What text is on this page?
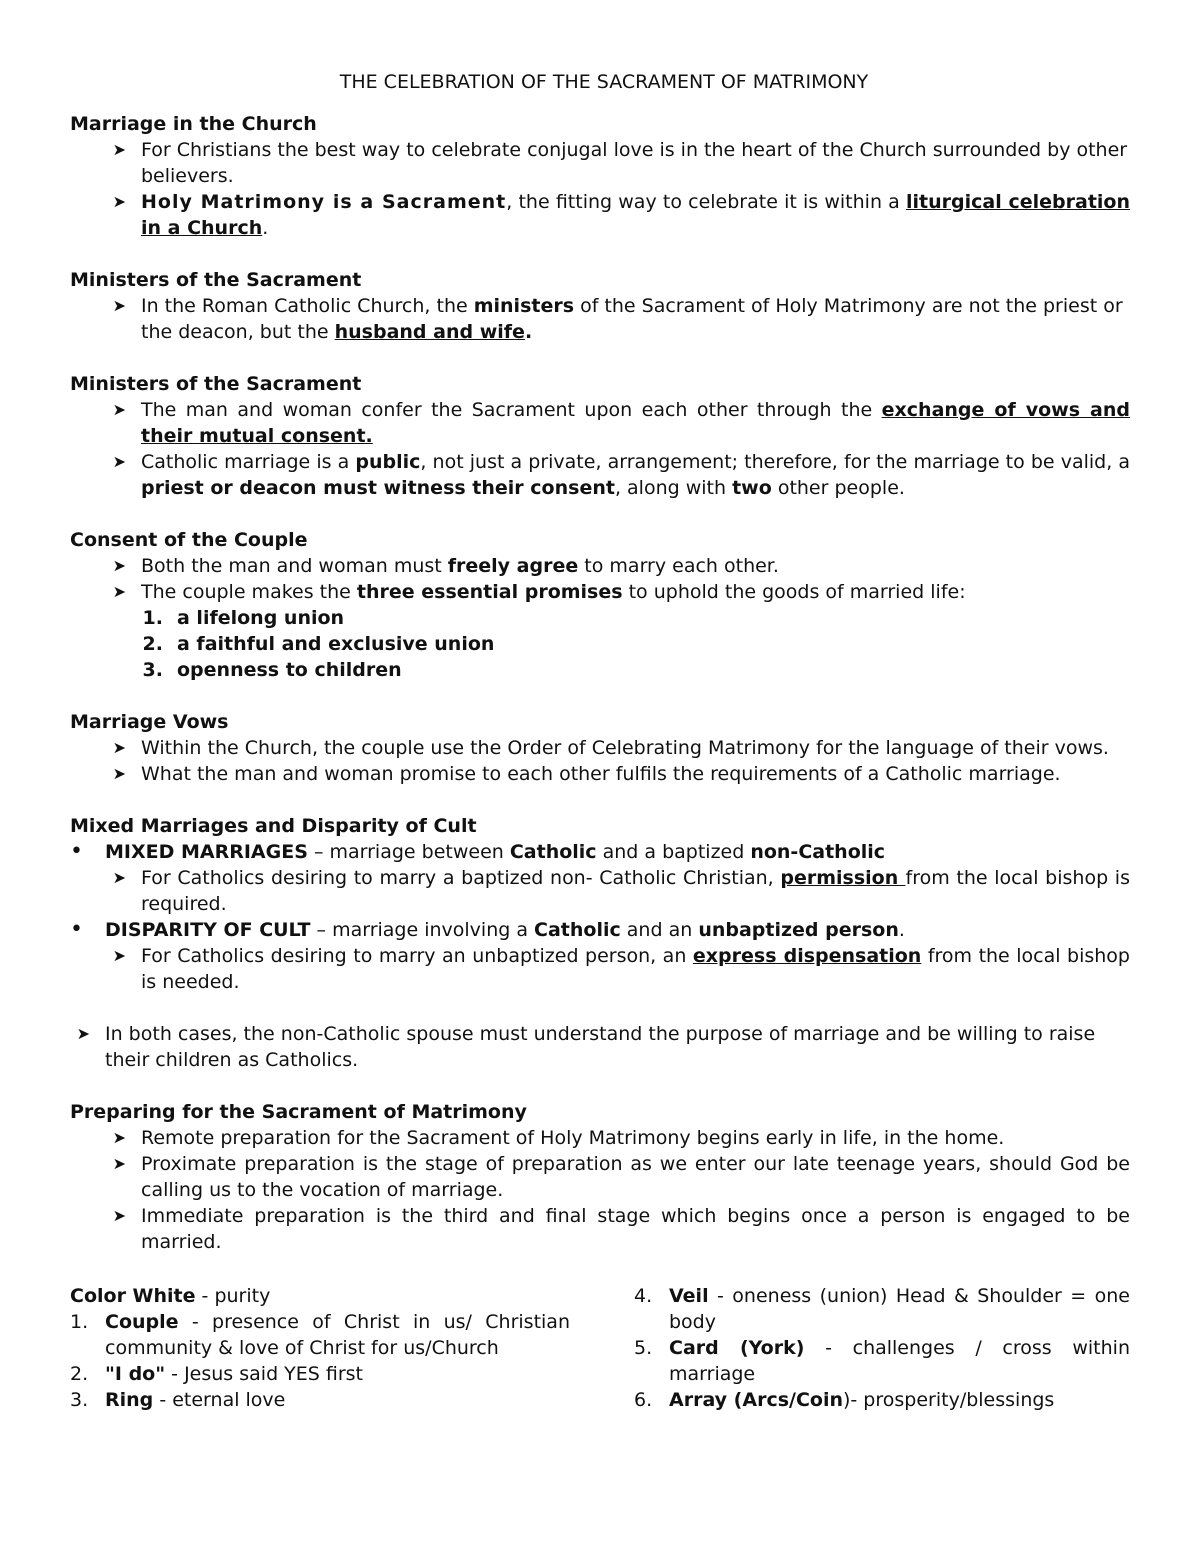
THE CELEBRATION OF THE SACRAMENT OF MATRIMONY

Marriage in the Church

➤ For Christians the best way to celebrate conjugal love is in the heart of the Church surrounded by other believers.
➤ Holy Matrimony is a Sacrament, the fitting way to celebrate it is within a liturgical celebration in a Church.

Ministers of the Sacrament

➤ In the Roman Catholic Church, the ministers of the Sacrament of Holy Matrimony are not the priest or the deacon, but the husband and wife.

Ministers of the Sacrament

➤ The man and woman confer the Sacrament upon each other through the exchange of vows and their mutual consent.
➤ Catholic marriage is a public, not just a private, arrangement; therefore, for the marriage to be valid, a priest or deacon must witness their consent, along with two other people.

Consent of the Couple

➤ Both the man and woman must freely agree to marry each other.
➤ The couple makes the three essential promises to uphold the goods of married life:
1. a lifelong union
2. a faithful and exclusive union
3. openness to children

Marriage Vows

➤ Within the Church, the couple use the Order of Celebrating Matrimony for the language of their vows.
➤ What the man and woman promise to each other fulfils the requirements of a Catholic marriage.

Mixed Marriages and Disparity of Cult

•	MIXED MARRIAGES – marriage between Catholic and a baptized non-Catholic
➤ For Catholics desiring to marry a baptized non- Catholic Christian, permission from the local bishop is required.
•	DISPARITY OF CULT – marriage involving a Catholic and an unbaptized person.
➤ For Catholics desiring to marry an unbaptized person, an express dispensation from the local bishop is needed.
➤ In both cases, the non-Catholic spouse must understand the purpose of marriage and be willing to raise their children as Catholics.

Preparing for the Sacrament of Matrimony

➤ Remote preparation for the Sacrament of Holy Matrimony begins early in life, in the home.
➤ Proximate preparation is the stage of preparation as we enter our late teenage years, should God be calling us to the vocation of marriage.
➤ Immediate preparation is the third and final stage which begins once a person is engaged to be married.

Color White - purity

1. Couple - presence of Christ in us/ Christian community & love of Christ for us/Church
2. "I do" - Jesus said YES first
3. Ring - eternal love
4. Veil - oneness (union) Head & Shoulder = one body
5. Card (York) - challenges / cross within marriage
6. Array (Arcs/Coin)- prosperity/blessings
